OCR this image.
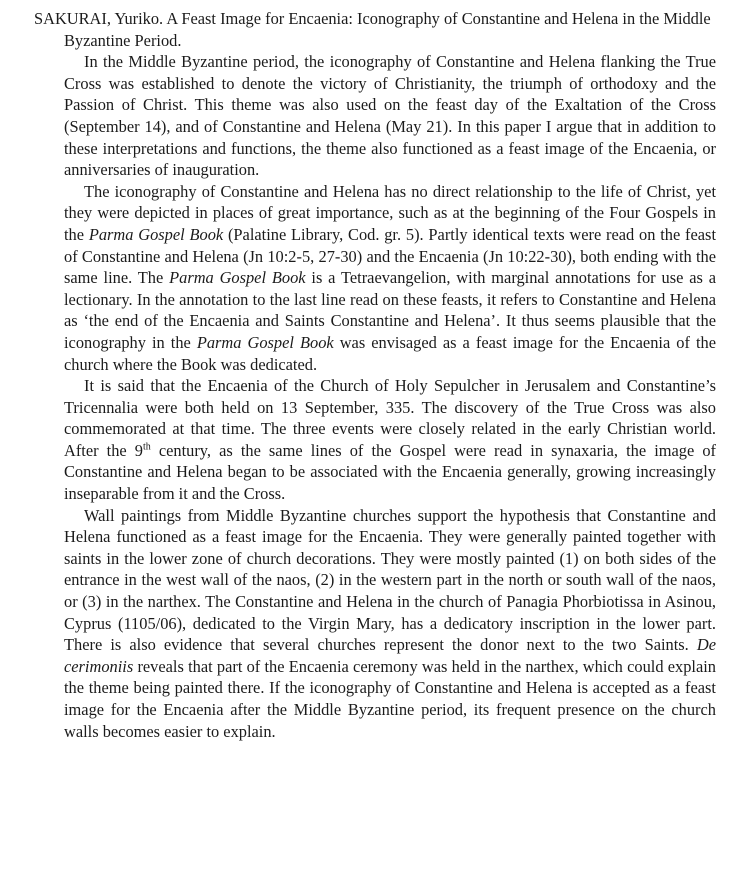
SAKURAI, Yuriko. A Feast Image for Encaenia: Iconography of Constantine and Helena in the Middle Byzantine Period.

In the Middle Byzantine period, the iconography of Constantine and Helena flanking the True Cross was established to denote the victory of Christianity, the triumph of orthodoxy and the Passion of Christ. This theme was also used on the feast day of the Exaltation of the Cross (September 14), and of Constantine and Helena (May 21). In this paper I argue that in addition to these interpretations and functions, the theme also functioned as a feast image of the Encaenia, or anniversaries of inauguration.

The iconography of Constantine and Helena has no direct relationship to the life of Christ, yet they were depicted in places of great importance, such as at the beginning of the Four Gospels in the Parma Gospel Book (Palatine Library, Cod. gr. 5). Partly identical texts were read on the feast of Constantine and Helena (Jn 10:2-5, 27-30) and the Encaenia (Jn 10:22-30), both ending with the same line. The Parma Gospel Book is a Tetraevangelion, with marginal annotations for use as a lectionary. In the annotation to the last line read on these feasts, it refers to Constantine and Helena as ‘the end of the Encaenia and Saints Constantine and Helena’. It thus seems plausible that the iconography in the Parma Gospel Book was envisaged as a feast image for the Encaenia of the church where the Book was dedicated.

It is said that the Encaenia of the Church of Holy Sepulcher in Jerusalem and Constantine’s Tricennalia were both held on 13 September, 335. The discovery of the True Cross was also commemorated at that time. The three events were closely related in the early Christian world. After the 9th century, as the same lines of the Gospel were read in synaxaria, the image of Constantine and Helena began to be associated with the Encaenia generally, growing increasingly inseparable from it and the Cross.

Wall paintings from Middle Byzantine churches support the hypothesis that Constantine and Helena functioned as a feast image for the Encaenia. They were generally painted together with saints in the lower zone of church decorations. They were mostly painted (1) on both sides of the entrance in the west wall of the naos, (2) in the western part in the north or south wall of the naos, or (3) in the narthex. The Constantine and Helena in the church of Panagia Phorbiotissa in Asinou, Cyprus (1105/06), dedicated to the Virgin Mary, has a dedicatory inscription in the lower part. There is also evidence that several churches represent the donor next to the two Saints. De cerimoniis reveals that part of the Encaenia ceremony was held in the narthex, which could explain the theme being painted there. If the iconography of Constantine and Helena is accepted as a feast image for the Encaenia after the Middle Byzantine period, its frequent presence on the church walls becomes easier to explain.
